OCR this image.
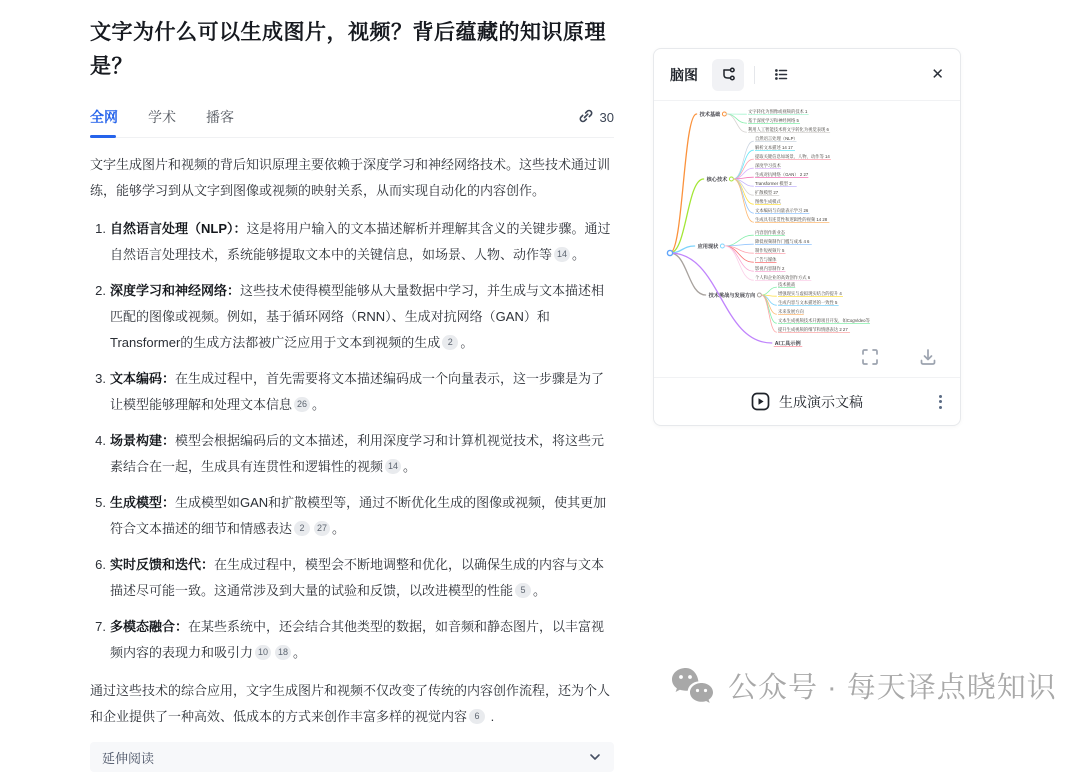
文字为什么可以生成图片，视频？背后蕴藏的知识原理是？
全网 学术 播客	30
文字生成图片和视频的背后知识原理主要依赖于深度学习和神经网络技术。这些技术通过训练，能够学习到从文字到图像或视频的映射关系，从而实现自动化的内容创作。
1. 自然语言处理（NLP）：这是将用户输入的文本描述解析并理解其含义的关键步骤。通过自然语言处理技术，系统能够提取文本中的关键信息，如场景、人物、动作等 14 。
2. 深度学习和神经网络：这些技术使得模型能够从大量数据中学习，并生成与文本描述相匹配的图像或视频。例如，基于循环网络（RNN）、生成对抗网络（GAN）和Transformer的生成方法都被广泛应用于文本到视频的生成 2 。
3. 文本编码：在生成过程中，首先需要将文本描述编码成一个向量表示，这一步骤是为了让模型能够理解和处理文本信息 26 。
4. 场景构建：模型会根据编码后的文本描述，利用深度学习和计算机视觉技术，将这些元素结合在一起，生成具有连贯性和逻辑性的视频 14 。
5. 生成模型：生成模型如GAN和扩散模型等，通过不断优化生成的图像或视频，使其更加符合文本描述的细节和情感表达 2 27 。
6. 实时反馈和迭代：在生成过程中，模型会不断地调整和优化，以确保生成的内容与文本描述尽可能一致。这通常涉及到大量的试验和反馈，以改进模型的性能 5 。
7. 多模态融合：在某些系统中，还会结合其他类型的数据，如音频和静态图片，以丰富视频内容的表现力和吸引力 10 18 。
通过这些技术的综合应用，文字生成图片和视频不仅改变了传统的内容创作流程，还为个人和企业提供了一种高效、低成本的方式来创作丰富多样的视觉内容 6 .
延伸阅读
脑图	✕
技术基础
文字转化为图像或视频的技术 1
基于深度学习和神经网络 5
利用人工智能技术将文字转化为视觉表现 6
核心技术
自然语言处理（NLP）
解析文本描述 14 17
提取关键信息如场景、人物、动作等 14
深度学习技术
生成对抗网络（GAN） 2 27
Transformer 模型 2
扩散模型 27
图像生成模式
文本编码与向量表示学习 26
生成具有连贯性和逻辑性的视频 14 28
应用现状
内容创作新业态
降低视频制作门槛与成本 4 6
制作短视频片 5
广告与媒体
影视内容制作 2
个人和企业的高效创作方式 6
技术挑战与发展方向
技术挑战
增强现实与虚拟现实结合的提升 4
生成内容与文本描述的一致性 5
未来发展方向
文本生成视频技术开源项目开发，如CogVideo等
提升生成视频的细节和情感表达 2 27
AI工具示例
生成演示文稿
公众号 · 每天译点晓知识
